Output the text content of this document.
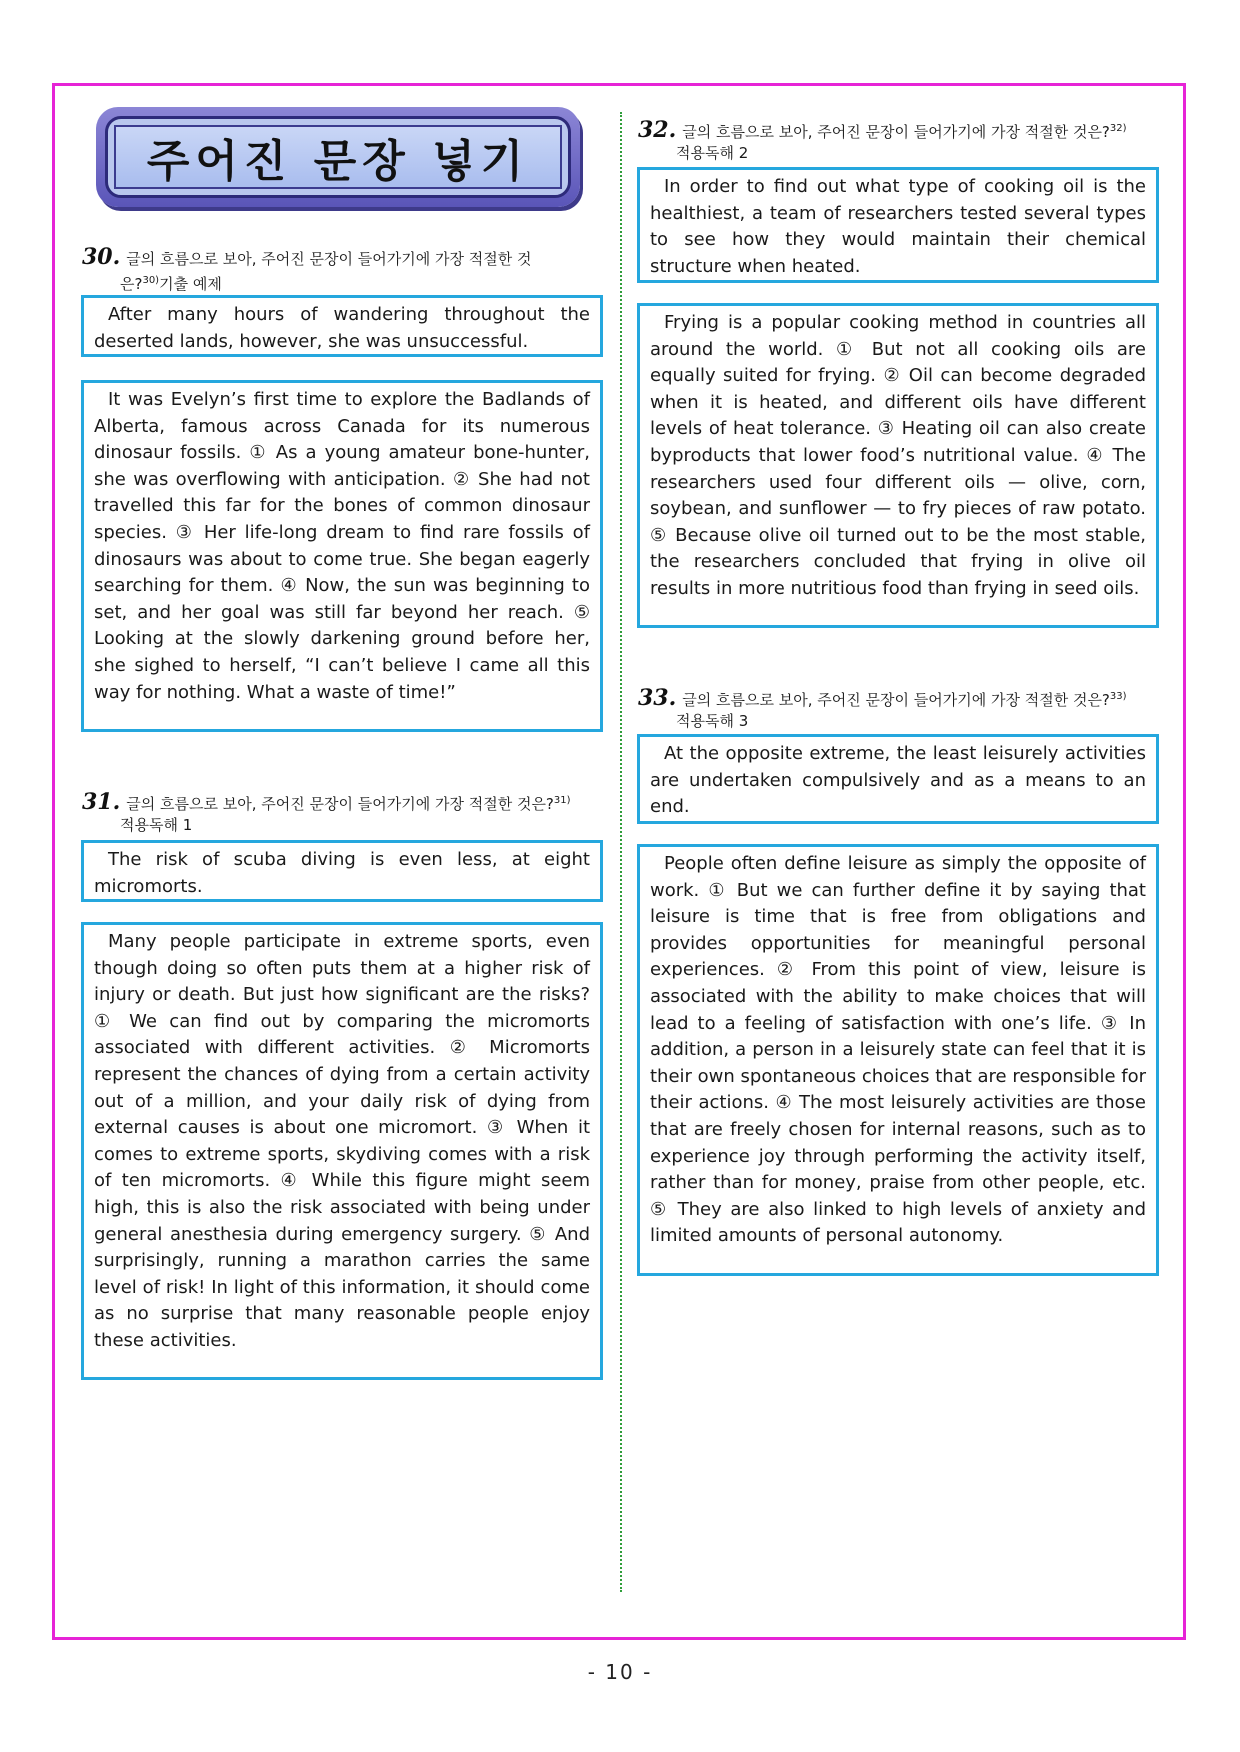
주어진 문장 넣기
30. 글의 흐름으로 보아, 주어진 문장이 들어가기에 가장 적절한 것
은?$^{30)}$기출 예제
After many hours of wandering throughout the deserted lands, however, she was unsuccessful.
It was Evelyn’s first time to explore the Badlands of Alberta, famous across Canada for its numerous dinosaur fossils. ① As a young amateur bone-hunter, she was overflowing with anticipation. ② She had not travelled this far for the bones of common dinosaur species. ③ Her life-long dream to find rare fossils of dinosaurs was about to come true. She began eagerly searching for them. ④ Now, the sun was beginning to set, and her goal was still far beyond her reach. ⑤ Looking at the slowly darkening ground before her, she sighed to herself, “I can’t believe I came all this way for nothing. What a waste of time!”
31. 글의 흐름으로 보아, 주어진 문장이 들어가기에 가장 적절한 것은?$^{31)}$
적용독해 1
The risk of scuba diving is even less, at eight micromorts.
Many people participate in extreme sports, even though doing so often puts them at a higher risk of injury or death. But just how significant are the risks? ① We can find out by comparing the micromorts associated with different activities. ② Micromorts represent the chances of dying from a certain activity out of a million, and your daily risk of dying from external causes is about one micromort. ③ When it comes to extreme sports, skydiving comes with a risk of ten micromorts. ④ While this figure might seem high, this is also the risk associated with being under general anesthesia during emergency surgery. ⑤ And surprisingly, running a marathon carries the same level of risk! In light of this information, it should come as no surprise that many reasonable people enjoy these activities.
32. 글의 흐름으로 보아, 주어진 문장이 들어가기에 가장 적절한 것은?$^{32)}$
적용독해 2
In order to find out what type of cooking oil is the healthiest, a team of researchers tested several types to see how they would maintain their chemical structure when heated.
Frying is a popular cooking method in countries all around the world. ① But not all cooking oils are equally suited for frying. ② Oil can become degraded when it is heated, and different oils have different levels of heat tolerance. ③ Heating oil can also create byproducts that lower food’s nutritional value. ④ The researchers used four different oils — olive, corn, soybean, and sunflower — to fry pieces of raw potato. ⑤ Because olive oil turned out to be the most stable, the researchers concluded that frying in olive oil results in more nutritious food than frying in seed oils.
33. 글의 흐름으로 보아, 주어진 문장이 들어가기에 가장 적절한 것은?$^{33)}$
적용독해 3
At the opposite extreme, the least leisurely activities are undertaken compulsively and as a means to an end.
People often define leisure as simply the opposite of work. ① But we can further define it by saying that leisure is time that is free from obligations and provides opportunities for meaningful personal experiences. ② From this point of view, leisure is associated with the ability to make choices that will lead to a feeling of satisfaction with one’s life. ③ In addition, a person in a leisurely state can feel that it is their own spontaneous choices that are responsible for their actions. ④ The most leisurely activities are those that are freely chosen for internal reasons, such as to experience joy through performing the activity itself, rather than for money, praise from other people, etc. ⑤ They are also linked to high levels of anxiety and limited amounts of personal autonomy.
- 10 -
